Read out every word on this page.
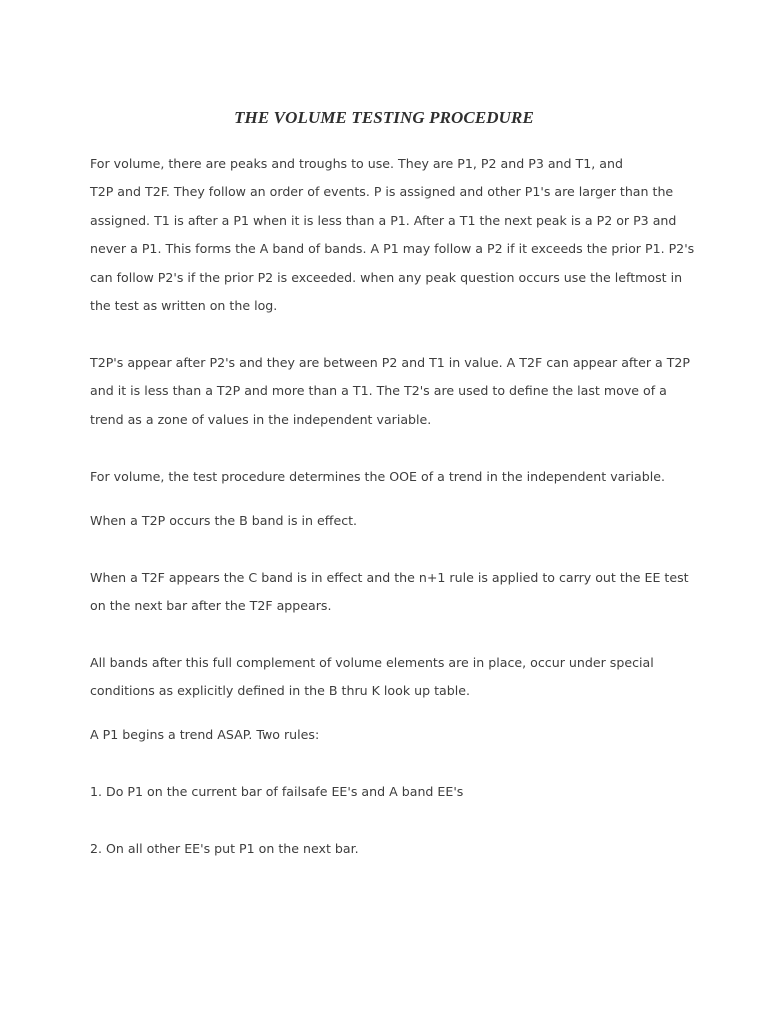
THE VOLUME TESTING PROCEDURE

For volume, there are peaks and troughs to use. They are P1, P2 and P3 and T1, and
T2P and T2F. They follow an order of events. P is assigned and other P1's are larger than the
assigned. T1 is after a P1 when it is less than a P1. After a T1 the next peak is a P2 or P3 and
never a P1. This forms the A band of bands. A P1 may follow a P2 if it exceeds the prior P1. P2's
can follow P2's if the prior P2 is exceeded. when any peak question occurs use the leftmost in
the test as written on the log.

T2P's appear after P2's and they are between P2 and T1 in value. A T2F can appear after a T2P
and it is less than a T2P and more than a T1. The T2's are used to define the last move of a
trend as a zone of values in the independent variable.

For volume, the test procedure determines the OOE of a trend in the independent variable.

When a T2P occurs the B band is in effect.

When a T2F appears the C band is in effect and the n+1 rule is applied to carry out the EE test
on the next bar after the T2F appears.

All bands after this full complement of volume elements are in place, occur under special
conditions as explicitly defined in the B thru K look up table.

A P1 begins a trend ASAP. Two rules:

1. Do P1 on the current bar of failsafe EE's and A band EE's

2. On all other EE's put P1 on the next bar.
